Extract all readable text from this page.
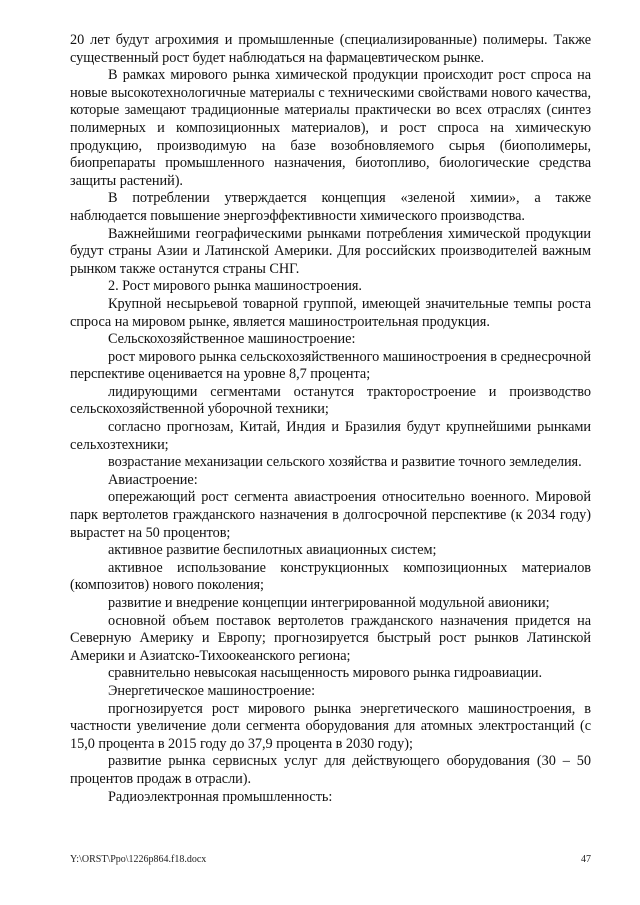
20 лет будут агрохимия и промышленные (специализированные) полимеры. Также существенный рост будет наблюдаться на фармацевтическом рынке.

В рамках мирового рынка химической продукции происходит рост спроса на новые высокотехнологичные материалы с техническими свойствами нового качества, которые замещают традиционные материалы практически во всех отраслях (синтез полимерных и композиционных материалов), и рост спроса на химическую продукцию, производимую на базе возобновляемого сырья (биополимеры, биопрепараты промышленного назначения, биотопливо, биологические средства защиты растений).

В потреблении утверждается концепция «зеленой химии», а также наблюдается повышение энергоэффективности химического производства.

Важнейшими географическими рынками потребления химической продукции будут страны Азии и Латинской Америки. Для российских производителей важным рынком также останутся страны СНГ.

2. Рост мирового рынка машиностроения.

Крупной несырьевой товарной группой, имеющей значительные темпы роста спроса на мировом рынке, является машиностроительная продукция.

Сельскохозяйственное машиностроение:

рост мирового рынка сельскохозяйственного машиностроения в среднесрочной перспективе оценивается на уровне 8,7 процента;

лидирующими сегментами останутся тракторостроение и производство сельскохозяйственной уборочной техники;

согласно прогнозам, Китай, Индия и Бразилия будут крупнейшими рынками сельхозтехники;

возрастание механизации сельского хозяйства и развитие точного земледелия.

Авиастроение:

опережающий рост сегмента авиастроения относительно военного. Мировой парк вертолетов гражданского назначения в долгосрочной перспективе (к 2034 году) вырастет на 50 процентов;

активное развитие беспилотных авиационных систем;

активное использование конструкционных композиционных материалов (композитов) нового поколения;

развитие и внедрение концепции интегрированной модульной авионики;

основной объем поставок вертолетов гражданского назначения придется на Северную Америку и Европу; прогнозируется быстрый рост рынков Латинской Америки и Азиатско-Тихоокеанского региона;

сравнительно невысокая насыщенность мирового рынка гидроавиации.

Энергетическое машиностроение:

прогнозируется рост мирового рынка энергетического машиностроения, в частности увеличение доли сегмента оборудования для атомных электростанций (с 15,0 процента в 2015 году до 37,9 процента в 2030 году);

развитие рынка сервисных услуг для действующего оборудования (30 – 50 процентов продаж в отрасли).

Радиоэлектронная промышленность:

Y:\ORST\Ppo\1226p864.f18.docx	47
